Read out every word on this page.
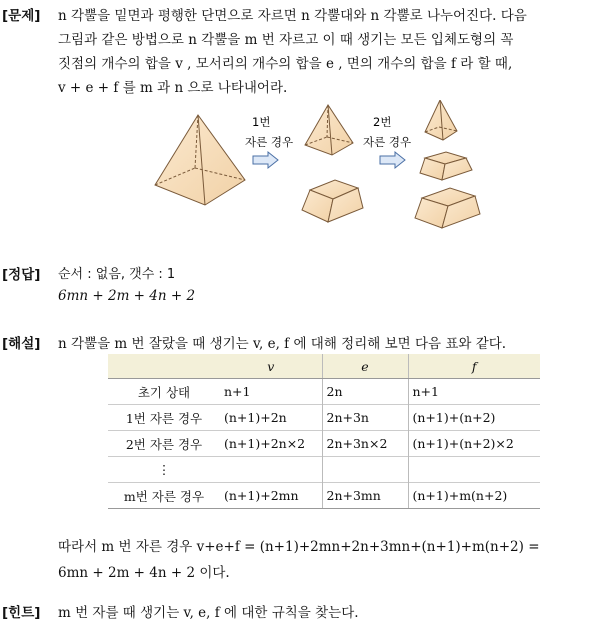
[문제] n 각뿔을 밑면과 평행한 단면으로 자르면 n 각뿔대와 n 각뿔로 나누어진다. 다음
그림과 같은 방법으로 n 각뿔을 m 번 자르고 이 때 생기는 모든 입체도형의 꼭
짓점의 개수의 합을 v , 모서리의 개수의 합을 e , 면의 개수의 합을 f 라 할 때,
v + e + f 를 m 과 n 으로 나타내어라.
1번
자른 경우
2번
자른 경우
[정답] 순서 : 없음, 갯수 : 1
6mn + 2m + 4n + 2
[해설] n 각뿔을 m 번 잘랐을 때 생기는 v, e, f 에 대해 정리해 보면 다음 표와 같다.
	v	e	f
초기 상태	n+1	2n	n+1
1번 자른 경우	(n+1)+2n	2n+3n	(n+1)+(n+2)
2번 자른 경우	(n+1)+2n×2	2n+3n×2	(n+1)+(n+2)×2
⋮			
m번 자른 경우	(n+1)+2mn	2n+3mn	(n+1)+m(n+2)
따라서 m 번 자른 경우 v+e+f = (n+1)+2mn+2n+3mn+(n+1)+m(n+2) =
6mn + 2m + 4n + 2 이다.
[힌트] m 번 자를 때 생기는 v, e, f 에 대한 규칙을 찾는다.
